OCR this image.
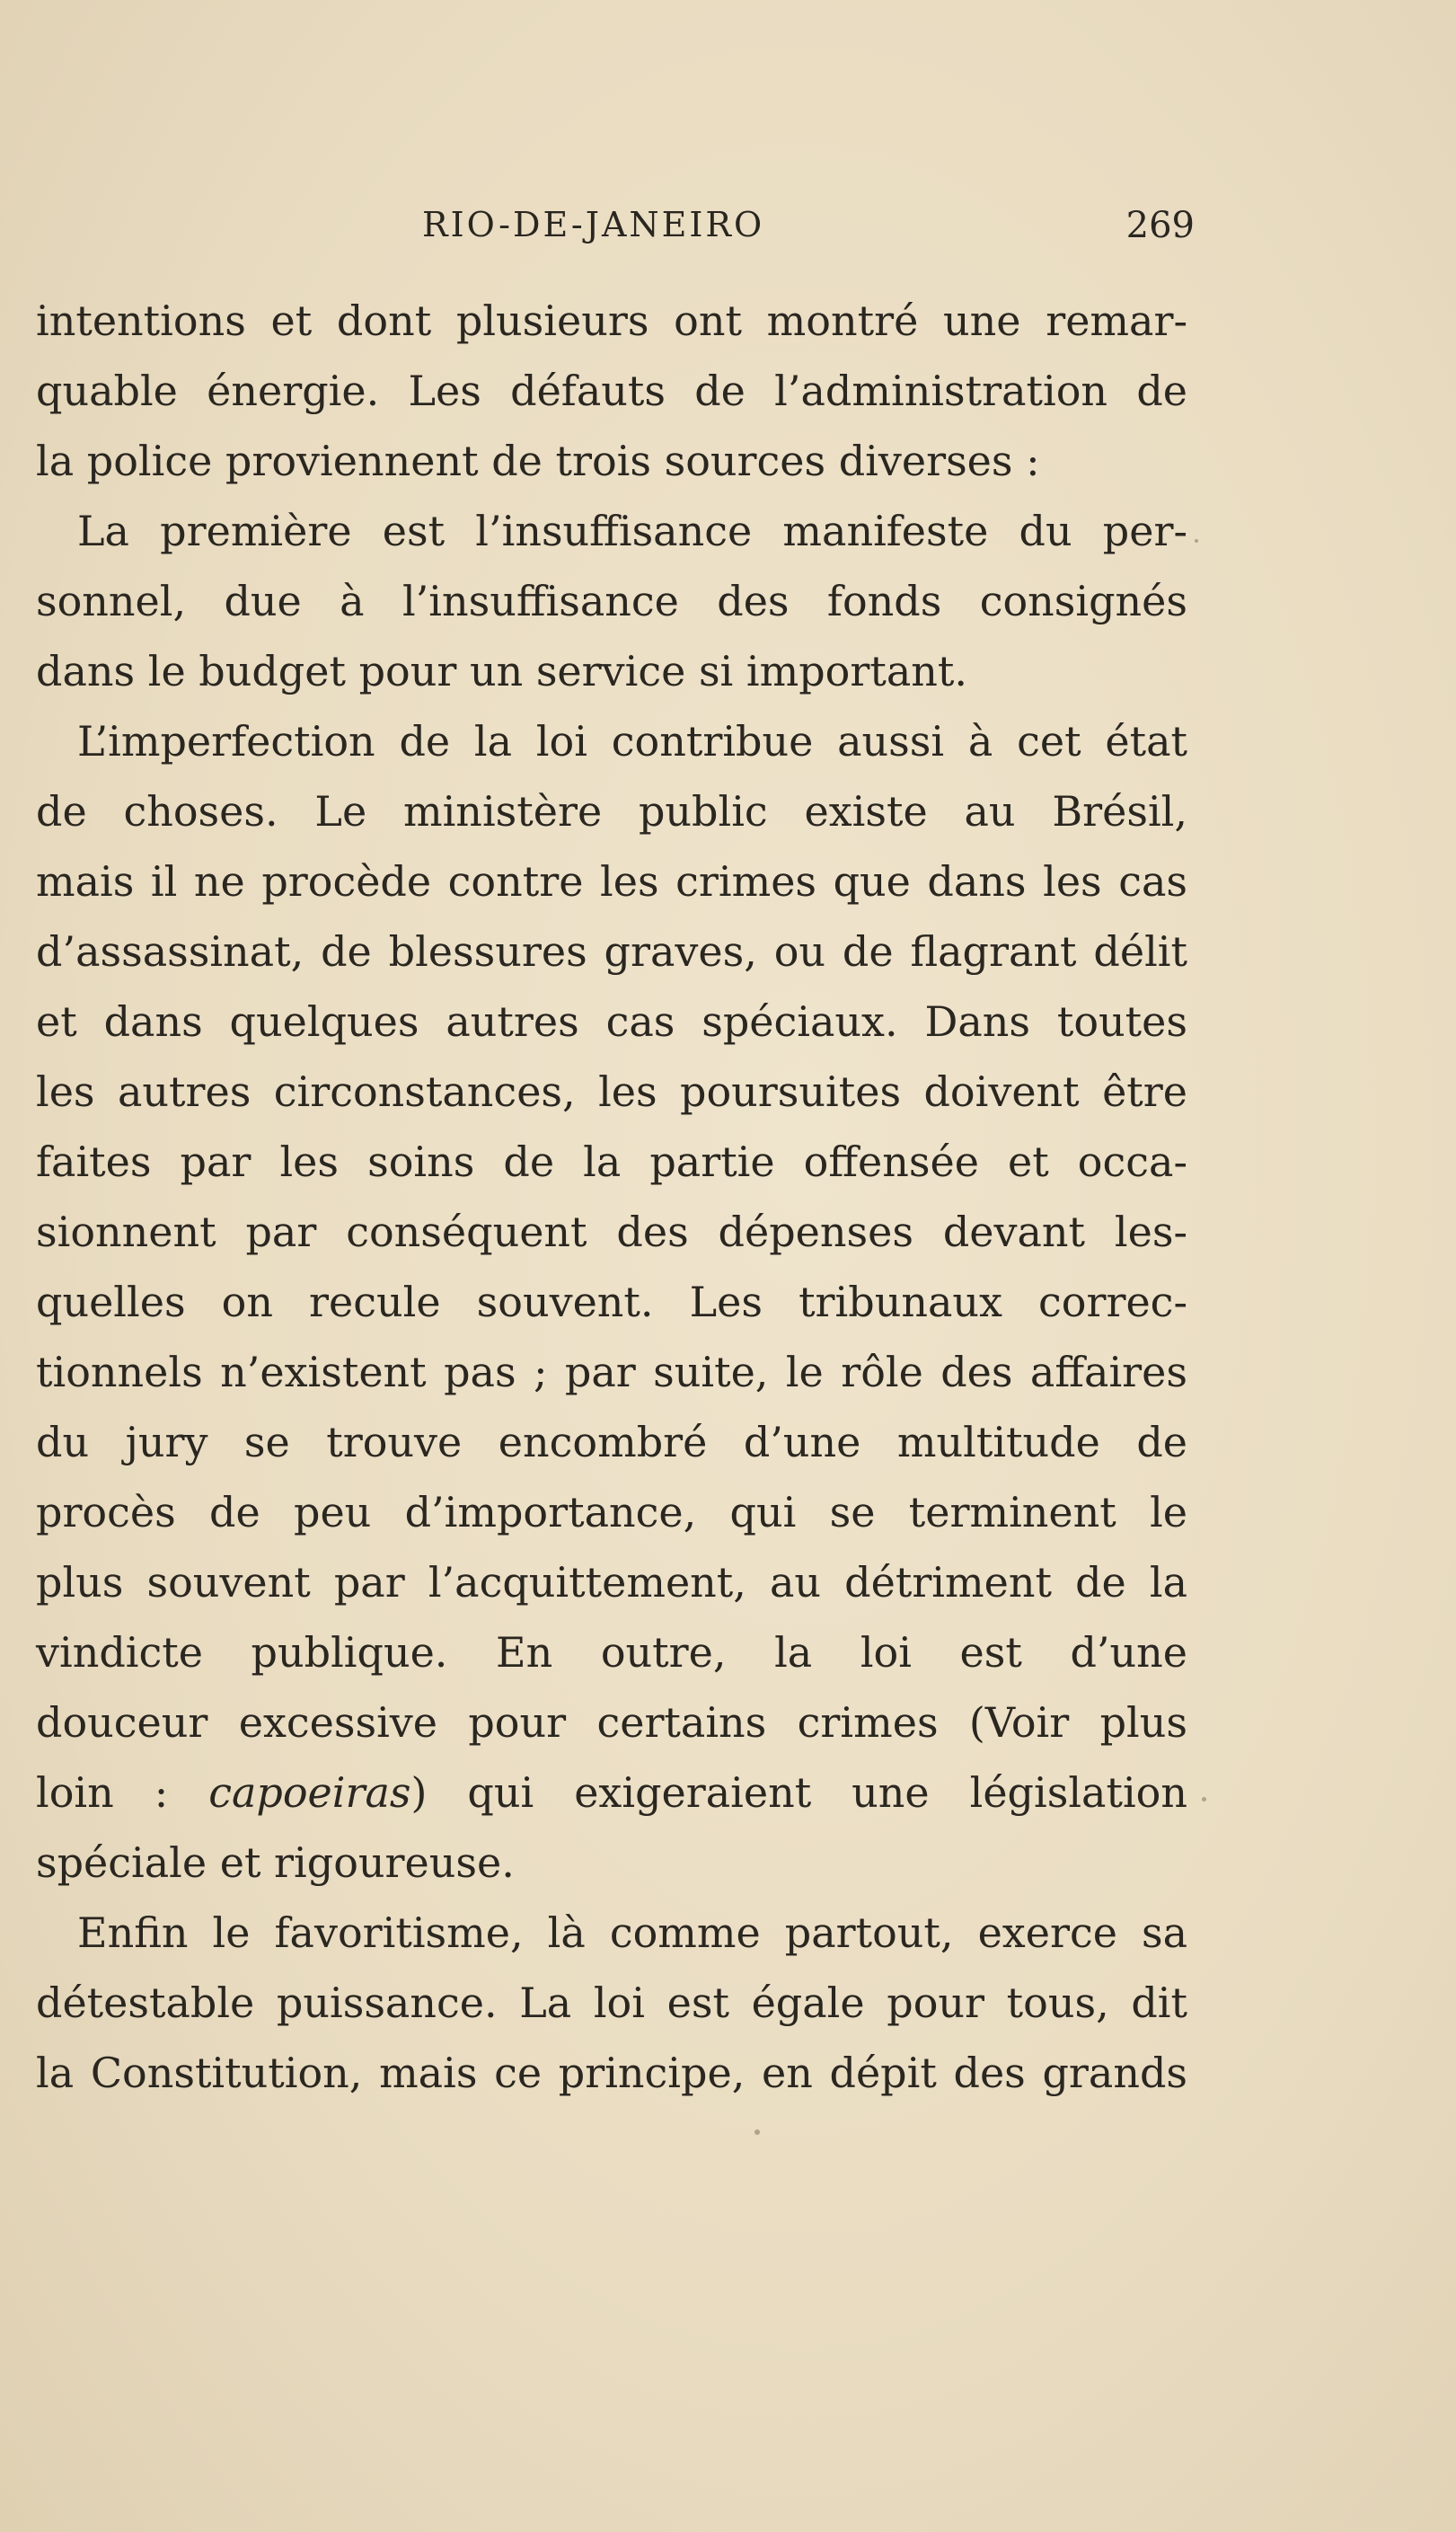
RIO-DE-JANEIRO	269
intentions et dont plusieurs ont montré une remar-
quable énergie. Les défauts de l’administration de
la police proviennent de trois sources diverses :
La première est l’insuffisance manifeste du per-
sonnel, due à l’insuffisance des fonds consignés
dans le budget pour un service si important.
L’imperfection de la loi contribue aussi à cet état
de choses. Le ministère public existe au Brésil,
mais il ne procède contre les crimes que dans les cas
d’assassinat, de blessures graves, ou de flagrant délit
et dans quelques autres cas spéciaux. Dans toutes
les autres circonstances, les poursuites doivent être
faites par les soins de la partie offensée et occa-
sionnent par conséquent des dépenses devant les-
quelles on recule souvent. Les tribunaux correc-
tionnels n’existent pas ; par suite, le rôle des affaires
du jury se trouve encombré d’une multitude de
procès de peu d’importance, qui se terminent le
plus souvent par l’acquittement, au détriment de la
vindicte publique. En outre, la loi est d’une
douceur excessive pour certains crimes (Voir plus
loin : capoeiras) qui exigeraient une législation
spéciale et rigoureuse.
Enfin le favoritisme, là comme partout, exerce sa
détestable puissance. La loi est égale pour tous, dit
la Constitution, mais ce principe, en dépit des grands
